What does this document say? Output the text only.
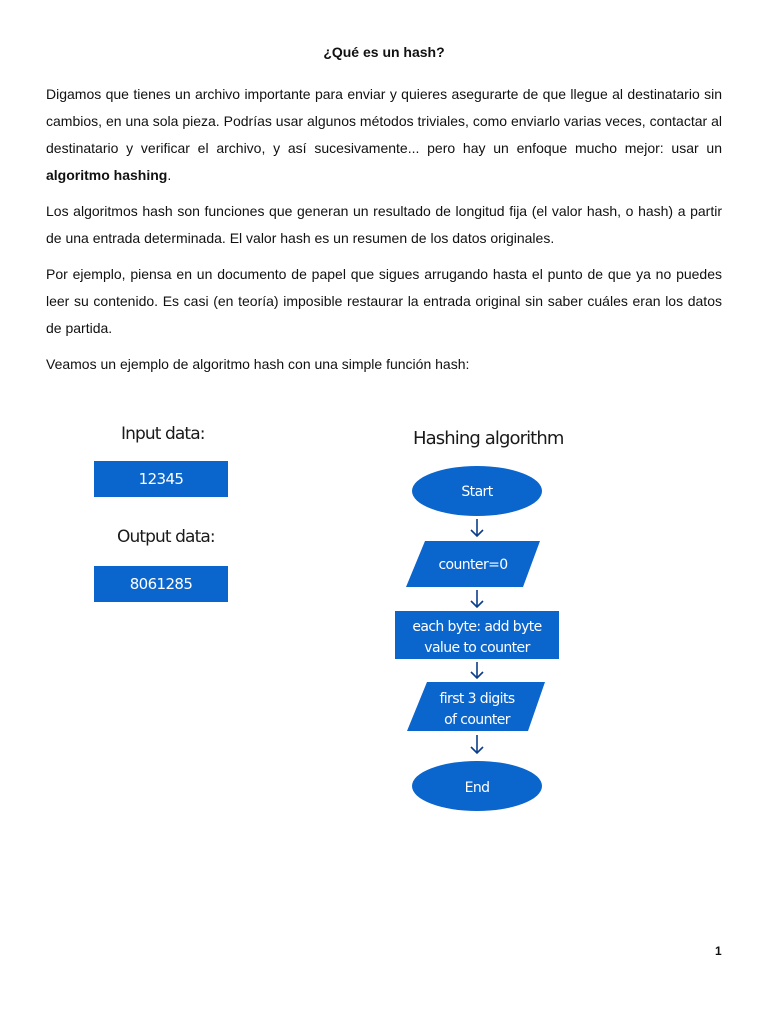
¿Qué es un hash?

Digamos que tienes un archivo importante para enviar y quieres asegurarte de que llegue al destinatario sin cambios, en una sola pieza. Podrías usar algunos métodos triviales, como enviarlo varias veces, contactar al destinatario y verificar el archivo, y así sucesivamente... pero hay un enfoque mucho mejor: usar un algoritmo hashing.

Los algoritmos hash son funciones que generan un resultado de longitud fija (el valor hash, o hash) a partir de una entrada determinada. El valor hash es un resumen de los datos originales.

Por ejemplo, piensa en un documento de papel que sigues arrugando hasta el punto de que ya no puedes leer su contenido. Es casi (en teoría) imposible restaurar la entrada original sin saber cuáles eran los datos de partida.

Veamos un ejemplo de algoritmo hash con una simple función hash:

Input data:
12345
Output data:
8061285
Hashing algorithm
Start
counter=0
each byte: add byte
value to counter
first 3 digits
of counter
End
1
